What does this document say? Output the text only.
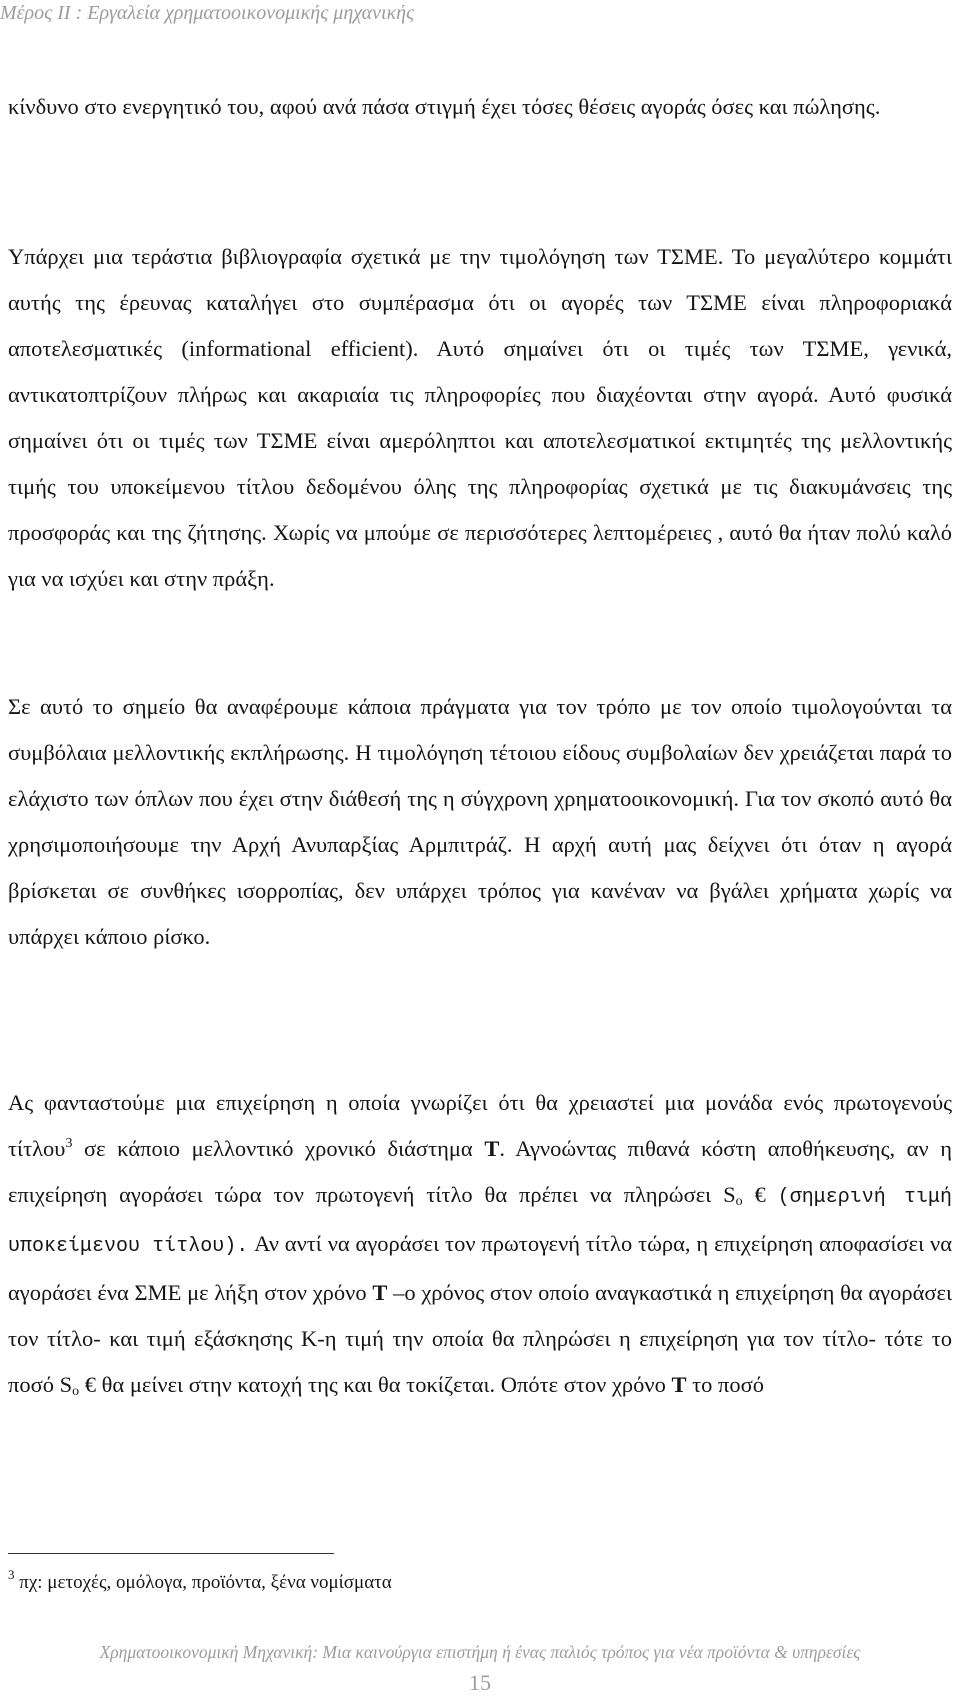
Μέρος ΙΙ : Εργαλεία χρηματοοικονομικής μηχανικής

κίνδυνο στο ενεργητικό του, αφού ανά πάσα στιγμή έχει τόσες θέσεις αγοράς όσες και πώλησης.

Υπάρχει μια τεράστια βιβλιογραφία σχετικά με την τιμολόγηση των ΤΣΜΕ. Το μεγαλύτερο κομμάτι αυτής της έρευνας καταλήγει στο συμπέρασμα ότι οι αγορές των ΤΣΜΕ είναι πληροφοριακά αποτελεσματικές (informational efficient). Αυτό σημαίνει ότι οι τιμές των ΤΣΜΕ, γενικά, αντικατοπτρίζουν πλήρως και ακαριαία τις πληροφορίες που διαχέονται στην αγορά. Αυτό φυσικά σημαίνει ότι οι τιμές των ΤΣΜΕ είναι αμερόληπτοι και αποτελεσματικοί εκτιμητές της μελλοντικής τιμής του υποκείμενου τίτλου δεδομένου όλης της πληροφορίας σχετικά με τις διακυμάνσεις της προσφοράς και της ζήτησης. Χωρίς να μπούμε σε περισσότερες λεπτομέρειες , αυτό θα ήταν πολύ καλό για να ισχύει και στην πράξη.

Σε αυτό το σημείο θα αναφέρουμε κάποια πράγματα για τον τρόπο με τον οποίο τιμολογούνται τα συμβόλαια μελλοντικής εκπλήρωσης. Η τιμολόγηση τέτοιου είδους συμβολαίων δεν χρειάζεται παρά το ελάχιστο των όπλων που έχει στην διάθεσή της η σύγχρονη χρηματοοικονομική. Για τον σκοπό αυτό θα χρησιμοποιήσουμε την Αρχή Ανυπαρξίας Αρμπιτράζ. Η αρχή αυτή μας δείχνει ότι όταν η αγορά βρίσκεται σε συνθήκες ισορροπίας, δεν υπάρχει τρόπος για κανέναν να βγάλει χρήματα χωρίς να υπάρχει κάποιο ρίσκο.

Ας φανταστούμε μια επιχείρηση η οποία γνωρίζει ότι θα χρειαστεί μια μονάδα ενός πρωτογενούς τίτλου$^3$ σε κάποιο μελλοντικό χρονικό διάστημα Τ. Αγνοώντας πιθανά κόστη αποθήκευσης, αν η επιχείρηση αγοράσει τώρα τον πρωτογενή τίτλο θα πρέπει να πληρώσει $S_o$ € (σημερινή τιμή υποκείμενου τίτλου). Αν αντί να αγοράσει τον πρωτογενή τίτλο τώρα, η επιχείρηση αποφασίσει να αγοράσει ένα ΣΜΕ με λήξη στον χρόνο Τ –ο χρόνος στον οποίο αναγκαστικά η επιχείρηση θα αγοράσει τον τίτλο- και τιμή εξάσκησης Κ-η τιμή την οποία θα πληρώσει η επιχείρηση για τον τίτλο- τότε το ποσό $S_o$ € θα μείνει στην κατοχή της και θα τοκίζεται. Οπότε στον χρόνο Τ το ποσό

$^3$ πχ: μετοχές, ομόλογα, προϊόντα, ξένα νομίσματα
Χρηματοοικονομική Μηχανική: Μια καινούργια επιστήμη ή ένας παλιός τρόπος για νέα προϊόντα & υπηρεσίες
15
